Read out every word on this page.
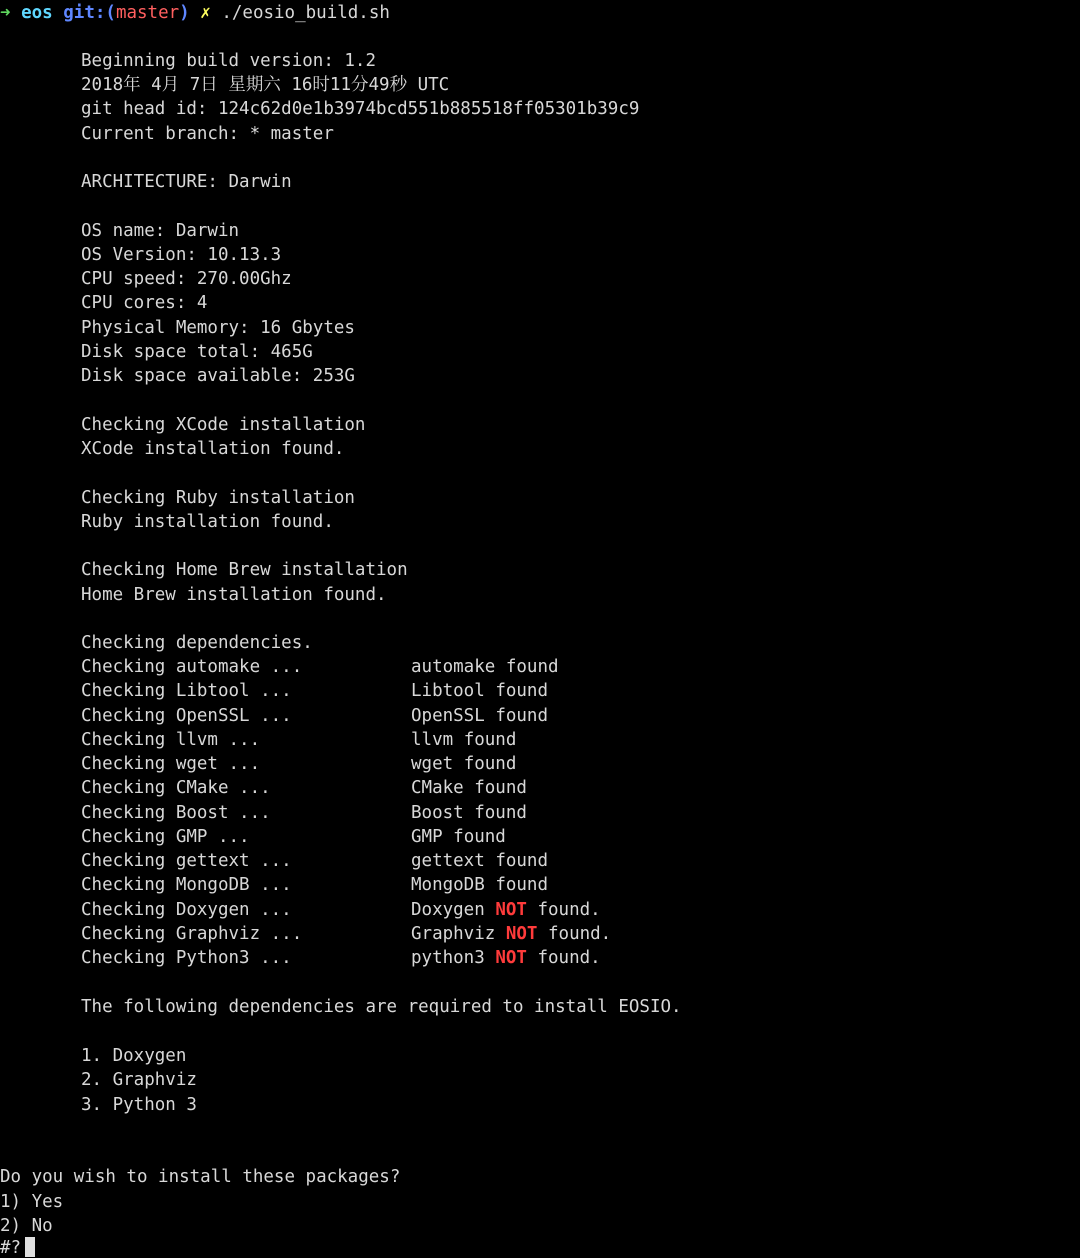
➜ eos git:(master) ✗ ./eosio_build.sh
Beginning build version: 1.2
2018年 4月 7日 星期六 16时11分49秒 UTC
git head id: 124c62d0e1b3974bcd551b885518ff05301b39c9
Current branch: * master
ARCHITECTURE: Darwin
OS name: Darwin
OS Version: 10.13.3
CPU speed: 270.00Ghz
CPU cores: 4
Physical Memory: 16 Gbytes
Disk space total: 465G
Disk space available: 253G
Checking XCode installation
XCode installation found.
Checking Ruby installation
Ruby installation found.
Checking Home Brew installation
Home Brew installation found.
Checking dependencies.
Checking automake ...	automake found
Checking Libtool ...	Libtool found
Checking OpenSSL ...	OpenSSL found
Checking llvm ...	llvm found
Checking wget ...	wget found
Checking CMake ...	CMake found
Checking Boost ...	Boost found
Checking GMP ...	GMP found
Checking gettext ...	gettext found
Checking MongoDB ...	MongoDB found
Checking Doxygen ...	Doxygen NOT found.
Checking Graphviz ...	Graphviz NOT found.
Checking Python3 ...	python3 NOT found.
The following dependencies are required to install EOSIO.
1. Doxygen
2. Graphviz
3. Python 3
Do you wish to install these packages?
1) Yes
2) No
#?
